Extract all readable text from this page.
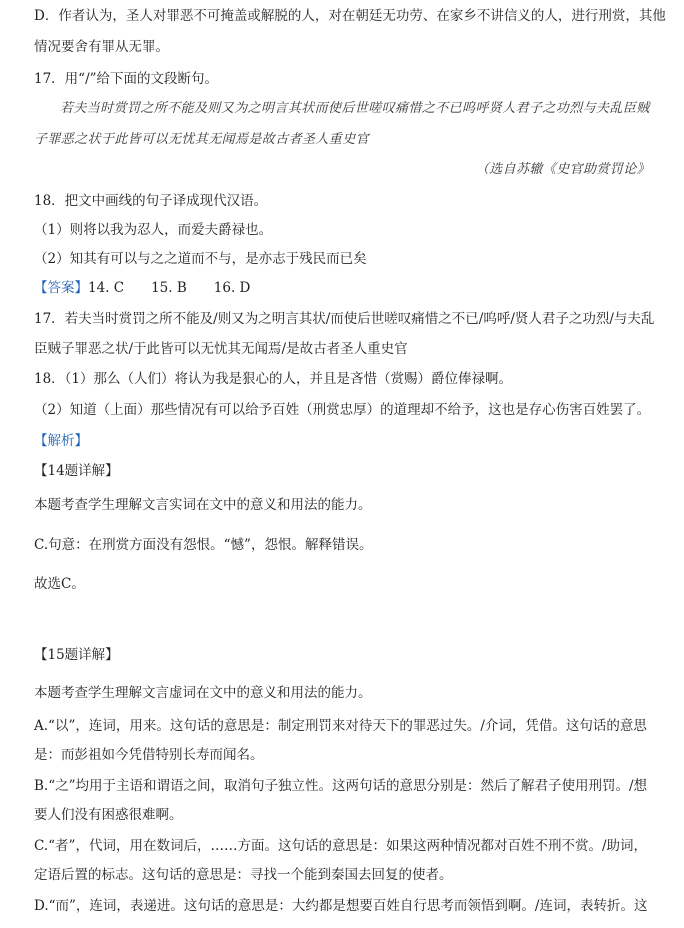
D．作者认为，圣人对罪恶不可掩盖或解脱的人，对在朝廷无功劳、在家乡不讲信义的人，进行刑赏，其他
情况要舍有罪从无罪。
17．用“/”给下面的文段断句。
若夫当时赏罚之所不能及则又为之明言其状而使后世嗟叹痛惜之不已呜呼贤人君子之功烈与夫乱臣贼
子罪恶之状于此皆可以无忧其无闻焉是故古者圣人重史官
（选自苏辙《史官助赏罚论》
18．把文中画线的句子译成现代汉语。
（1）则将以我为忍人，而爱夫爵禄也。
（2）知其有可以与之之道而不与，是亦志于残民而已矣
【答案】14. C　　15. B　　16. D
17．若夫当时赏罚之所不能及/则又为之明言其状/而使后世嗟叹痛惜之不已/呜呼/贤人君子之功烈/与夫乱
臣贼子罪恶之状/于此皆可以无忧其无闻焉/是故古者圣人重史官
18．（1）那么（人们）将认为我是狠心的人，并且是吝惜（赏赐）爵位俸禄啊。
（2）知道（上面）那些情况有可以给予百姓（刑赏忠厚）的道理却不给予，这也是存心伤害百姓罢了。
【解析】
【14题详解】
本题考查学生理解文言实词在文中的意义和用法的能力。
C.句意：在刑赏方面没有怨恨。“憾”，怨恨。解释错误。
故选C。
【15题详解】
本题考查学生理解文言虚词在文中的意义和用法的能力。
A.“以”，连词，用来。这句话的意思是：制定刑罚来对待天下的罪恶过失。/介词，凭借。这句话的意思
是：而彭祖如今凭借特别长寿而闻名。
B.“之”均用于主语和谓语之间，取消句子独立性。这两句话的意思分别是：然后了解君子使用刑罚。/想
要人们没有困惑很难啊。
C.“者”，代词，用在数词后，……方面。这句话的意思是：如果这两种情况都对百姓不刑不赏。/助词，
定语后置的标志。这句话的意思是：寻找一个能到秦国去回复的使者。
D.“而”，连词，表递进。这句话的意思是：大约都是想要百姓自行思考而领悟到啊。/连词，表转折。这
